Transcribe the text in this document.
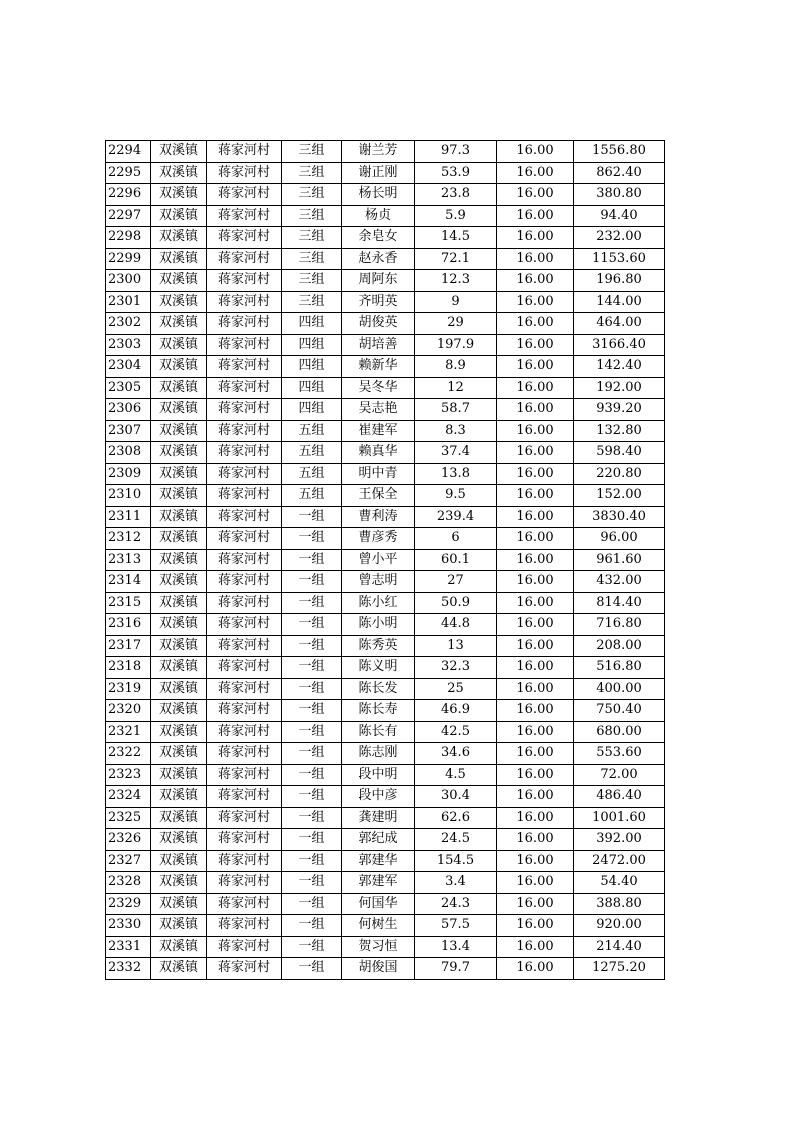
2294	双溪镇	蒋家河村	三组	谢兰芳	97.3	16.00	1556.80
2295	双溪镇	蒋家河村	三组	谢正刚	53.9	16.00	862.40
2296	双溪镇	蒋家河村	三组	杨长明	23.8	16.00	380.80
2297	双溪镇	蒋家河村	三组	杨贞	5.9	16.00	94.40
2298	双溪镇	蒋家河村	三组	余皂女	14.5	16.00	232.00
2299	双溪镇	蒋家河村	三组	赵永香	72.1	16.00	1153.60
2300	双溪镇	蒋家河村	三组	周阿东	12.3	16.00	196.80
2301	双溪镇	蒋家河村	三组	齐明英	9	16.00	144.00
2302	双溪镇	蒋家河村	四组	胡俊英	29	16.00	464.00
2303	双溪镇	蒋家河村	四组	胡培善	197.9	16.00	3166.40
2304	双溪镇	蒋家河村	四组	赖新华	8.9	16.00	142.40
2305	双溪镇	蒋家河村	四组	吴冬华	12	16.00	192.00
2306	双溪镇	蒋家河村	四组	吴志艳	58.7	16.00	939.20
2307	双溪镇	蒋家河村	五组	崔建军	8.3	16.00	132.80
2308	双溪镇	蒋家河村	五组	赖真华	37.4	16.00	598.40
2309	双溪镇	蒋家河村	五组	明中青	13.8	16.00	220.80
2310	双溪镇	蒋家河村	五组	王保全	9.5	16.00	152.00
2311	双溪镇	蒋家河村	一组	曹利涛	239.4	16.00	3830.40
2312	双溪镇	蒋家河村	一组	曹彦秀	6	16.00	96.00
2313	双溪镇	蒋家河村	一组	曾小平	60.1	16.00	961.60
2314	双溪镇	蒋家河村	一组	曾志明	27	16.00	432.00
2315	双溪镇	蒋家河村	一组	陈小红	50.9	16.00	814.40
2316	双溪镇	蒋家河村	一组	陈小明	44.8	16.00	716.80
2317	双溪镇	蒋家河村	一组	陈秀英	13	16.00	208.00
2318	双溪镇	蒋家河村	一组	陈义明	32.3	16.00	516.80
2319	双溪镇	蒋家河村	一组	陈长发	25	16.00	400.00
2320	双溪镇	蒋家河村	一组	陈长寿	46.9	16.00	750.40
2321	双溪镇	蒋家河村	一组	陈长有	42.5	16.00	680.00
2322	双溪镇	蒋家河村	一组	陈志刚	34.6	16.00	553.60
2323	双溪镇	蒋家河村	一组	段中明	4.5	16.00	72.00
2324	双溪镇	蒋家河村	一组	段中彦	30.4	16.00	486.40
2325	双溪镇	蒋家河村	一组	龚建明	62.6	16.00	1001.60
2326	双溪镇	蒋家河村	一组	郭纪成	24.5	16.00	392.00
2327	双溪镇	蒋家河村	一组	郭建华	154.5	16.00	2472.00
2328	双溪镇	蒋家河村	一组	郭建军	3.4	16.00	54.40
2329	双溪镇	蒋家河村	一组	何国华	24.3	16.00	388.80
2330	双溪镇	蒋家河村	一组	何树生	57.5	16.00	920.00
2331	双溪镇	蒋家河村	一组	贺习恒	13.4	16.00	214.40
2332	双溪镇	蒋家河村	一组	胡俊国	79.7	16.00	1275.20
